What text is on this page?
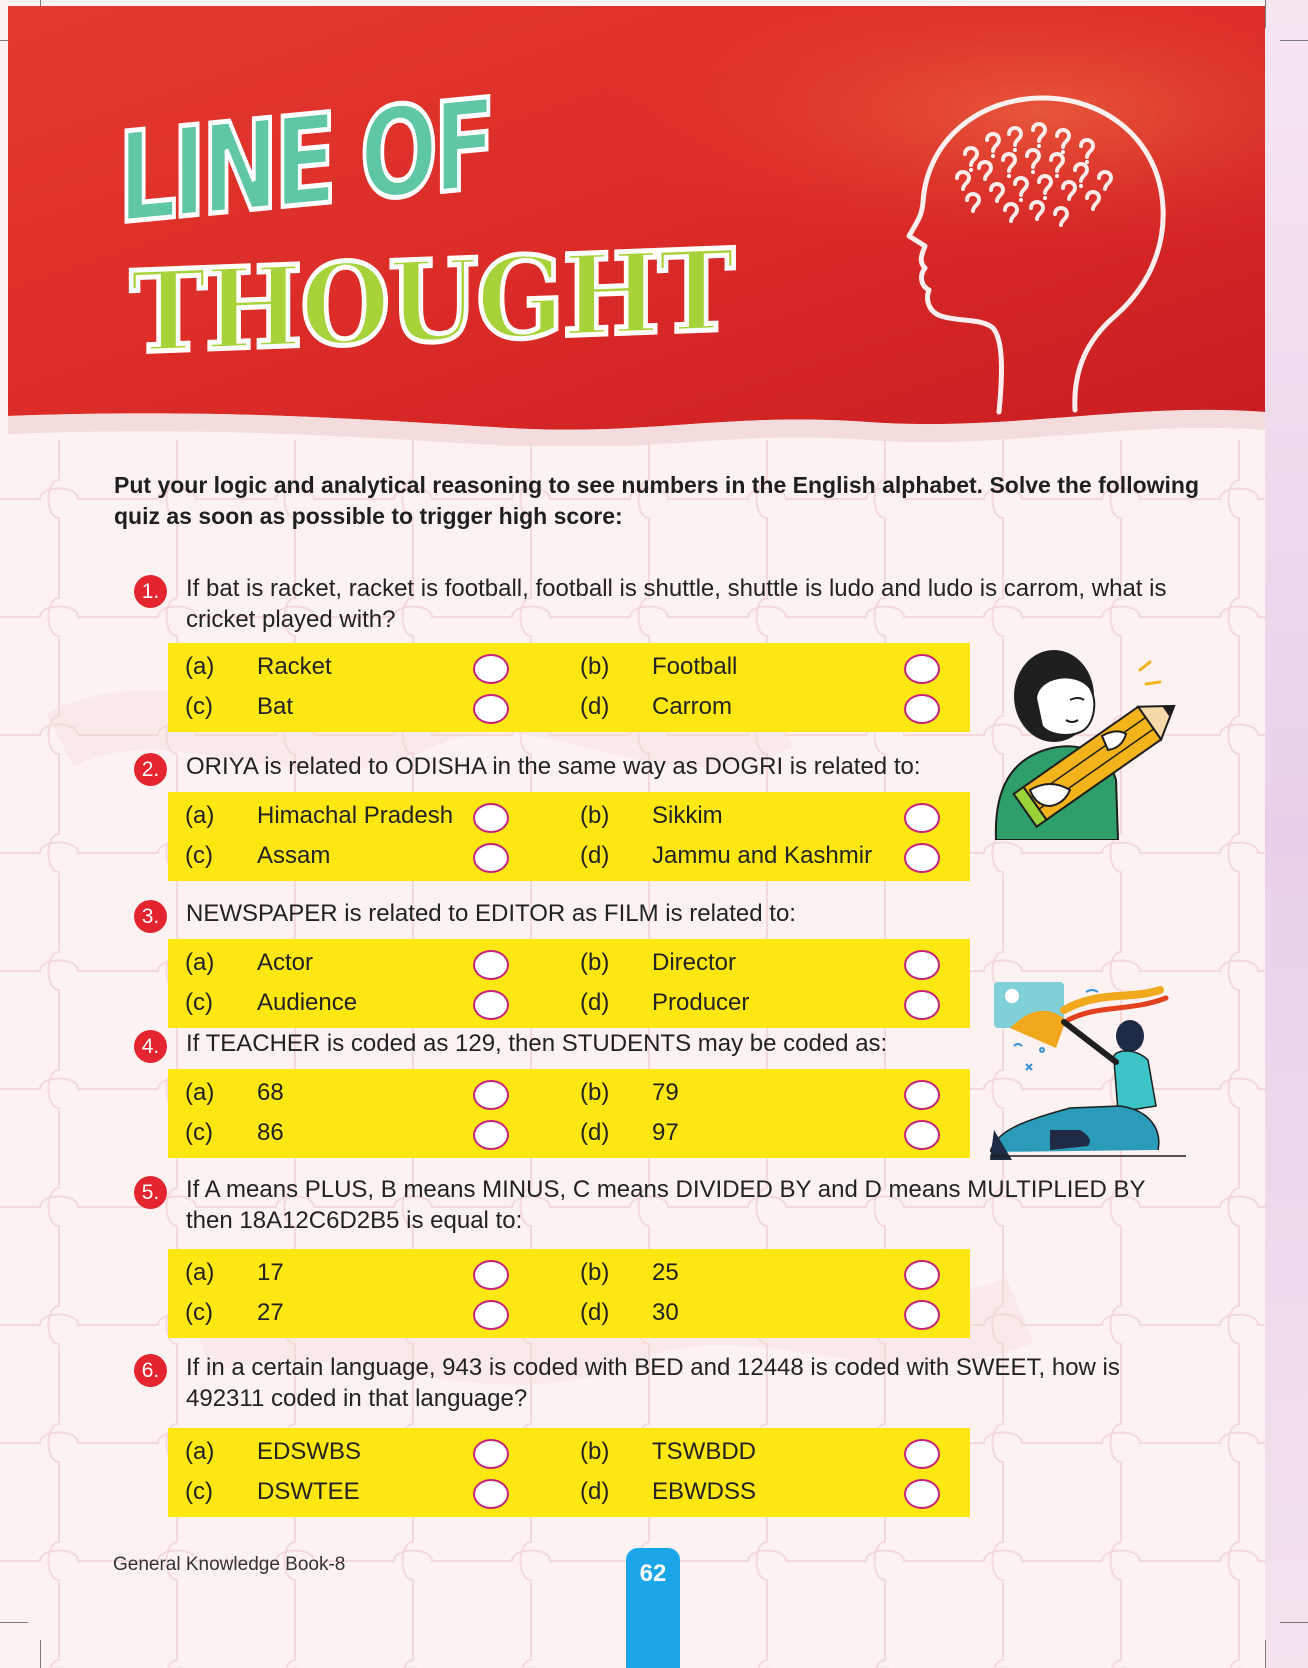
LINE OF
THOUGHT
Put your logic and analytical reasoning to see numbers in the English alphabet. Solve the following quiz as soon as possible to trigger high score:
1.	If bat is racket, racket is football, football is shuttle, shuttle is ludo and ludo is carrom, what is cricket played with?
(a) Racket	(b) Football
(c) Bat	(d) Carrom
2.	ORIYA is related to ODISHA in the same way as DOGRI is related to:
(a) Himachal Pradesh	(b) Sikkim
(c) Assam	(d) Jammu and Kashmir
3.	NEWSPAPER is related to EDITOR as FILM is related to:
(a) Actor	(b) Director
(c) Audience	(d) Producer
4.	If TEACHER is coded as 129, then STUDENTS may be coded as:
(a) 68	(b) 79
(c) 86	(d) 97
5.	If A means PLUS, B means MINUS, C means DIVIDED BY and D means MULTIPLIED BY then 18A12C6D2B5 is equal to:
(a) 17	(b) 25
(c) 27	(d) 30
6.	If in a certain language, 943 is coded with BED and 12448 is coded with SWEET, how is 492311 coded in that language?
(a) EDSWBS	(b) TSWBDD
(c) DSWTEE	(d) EBWDSS
General Knowledge Book-8	62
